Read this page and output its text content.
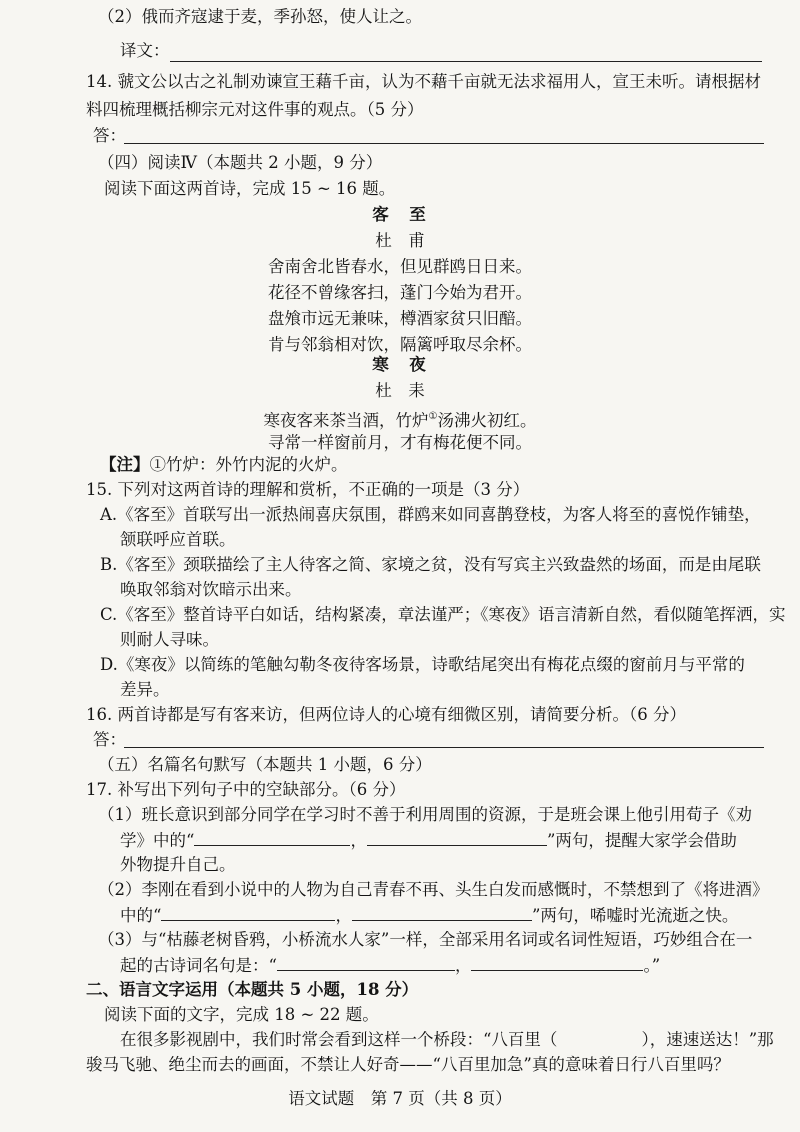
（2）俄而齐寇逮于麦，季孙怒，使人让之。
译文：
14. 虢文公以古之礼制劝谏宣王藉千亩，认为不藉千亩就无法求福用人，宣王未听。请根据材
料四梳理概括柳宗元对这件事的观点。（5 分）
答：
（四）阅读Ⅳ（本题共 2 小题，9 分）
阅读下面这两首诗，完成 15 ~ 16 题。
客　至
杜　甫
舍南舍北皆春水，但见群鸥日日来。
花径不曾缘客扫，蓬门今始为君开。
盘飧市远无兼味，樽酒家贫只旧醅。
肯与邻翁相对饮，隔篱呼取尽余杯。
寒　夜
杜　耒
寒夜客来茶当酒，竹炉①汤沸火初红。
寻常一样窗前月，才有梅花便不同。
【注】①竹炉：外竹内泥的火炉。
15. 下列对这两首诗的理解和赏析，不正确的一项是（3 分）
A.《客至》首联写出一派热闹喜庆氛围，群鸥来如同喜鹊登枝，为客人将至的喜悦作铺垫，
颔联呼应首联。
B.《客至》颈联描绘了主人待客之简、家境之贫，没有写宾主兴致盎然的场面，而是由尾联
唤取邻翁对饮暗示出来。
C.《客至》整首诗平白如话，结构紧凑，章法谨严；《寒夜》语言清新自然，看似随笔挥洒，实
则耐人寻味。
D.《寒夜》以简练的笔触勾勒冬夜待客场景，诗歌结尾突出有梅花点缀的窗前月与平常的
差异。
16. 两首诗都是写有客来访，但两位诗人的心境有细微区别，请简要分析。（6 分）
答：
（五）名篇名句默写（本题共 1 小题，6 分）
17. 补写出下列句子中的空缺部分。（6 分）
（1）班长意识到部分同学在学习时不善于利用周围的资源，于是班会课上他引用荀子《劝
学》中的“	，	”两句，提醒大家学会借助
外物提升自己。
（2）李刚在看到小说中的人物为自己青春不再、头生白发而感慨时，不禁想到了《将进酒》
中的“	，	”两句，唏嘘时光流逝之快。
（3）与“枯藤老树昏鸦，小桥流水人家”一样，全部采用名词或名词性短语，巧妙组合在一
起的古诗词名句是：“	，	。”
二、语言文字运用（本题共 5 小题，18 分）
阅读下面的文字，完成 18 ~ 22 题。
在很多影视剧中，我们时常会看到这样一个桥段：“八百里（	），速速送达！”那
骏马飞驰、绝尘而去的画面，不禁让人好奇——“八百里加急”真的意味着日行八百里吗？
语文试题　第 7 页（共 8 页）
